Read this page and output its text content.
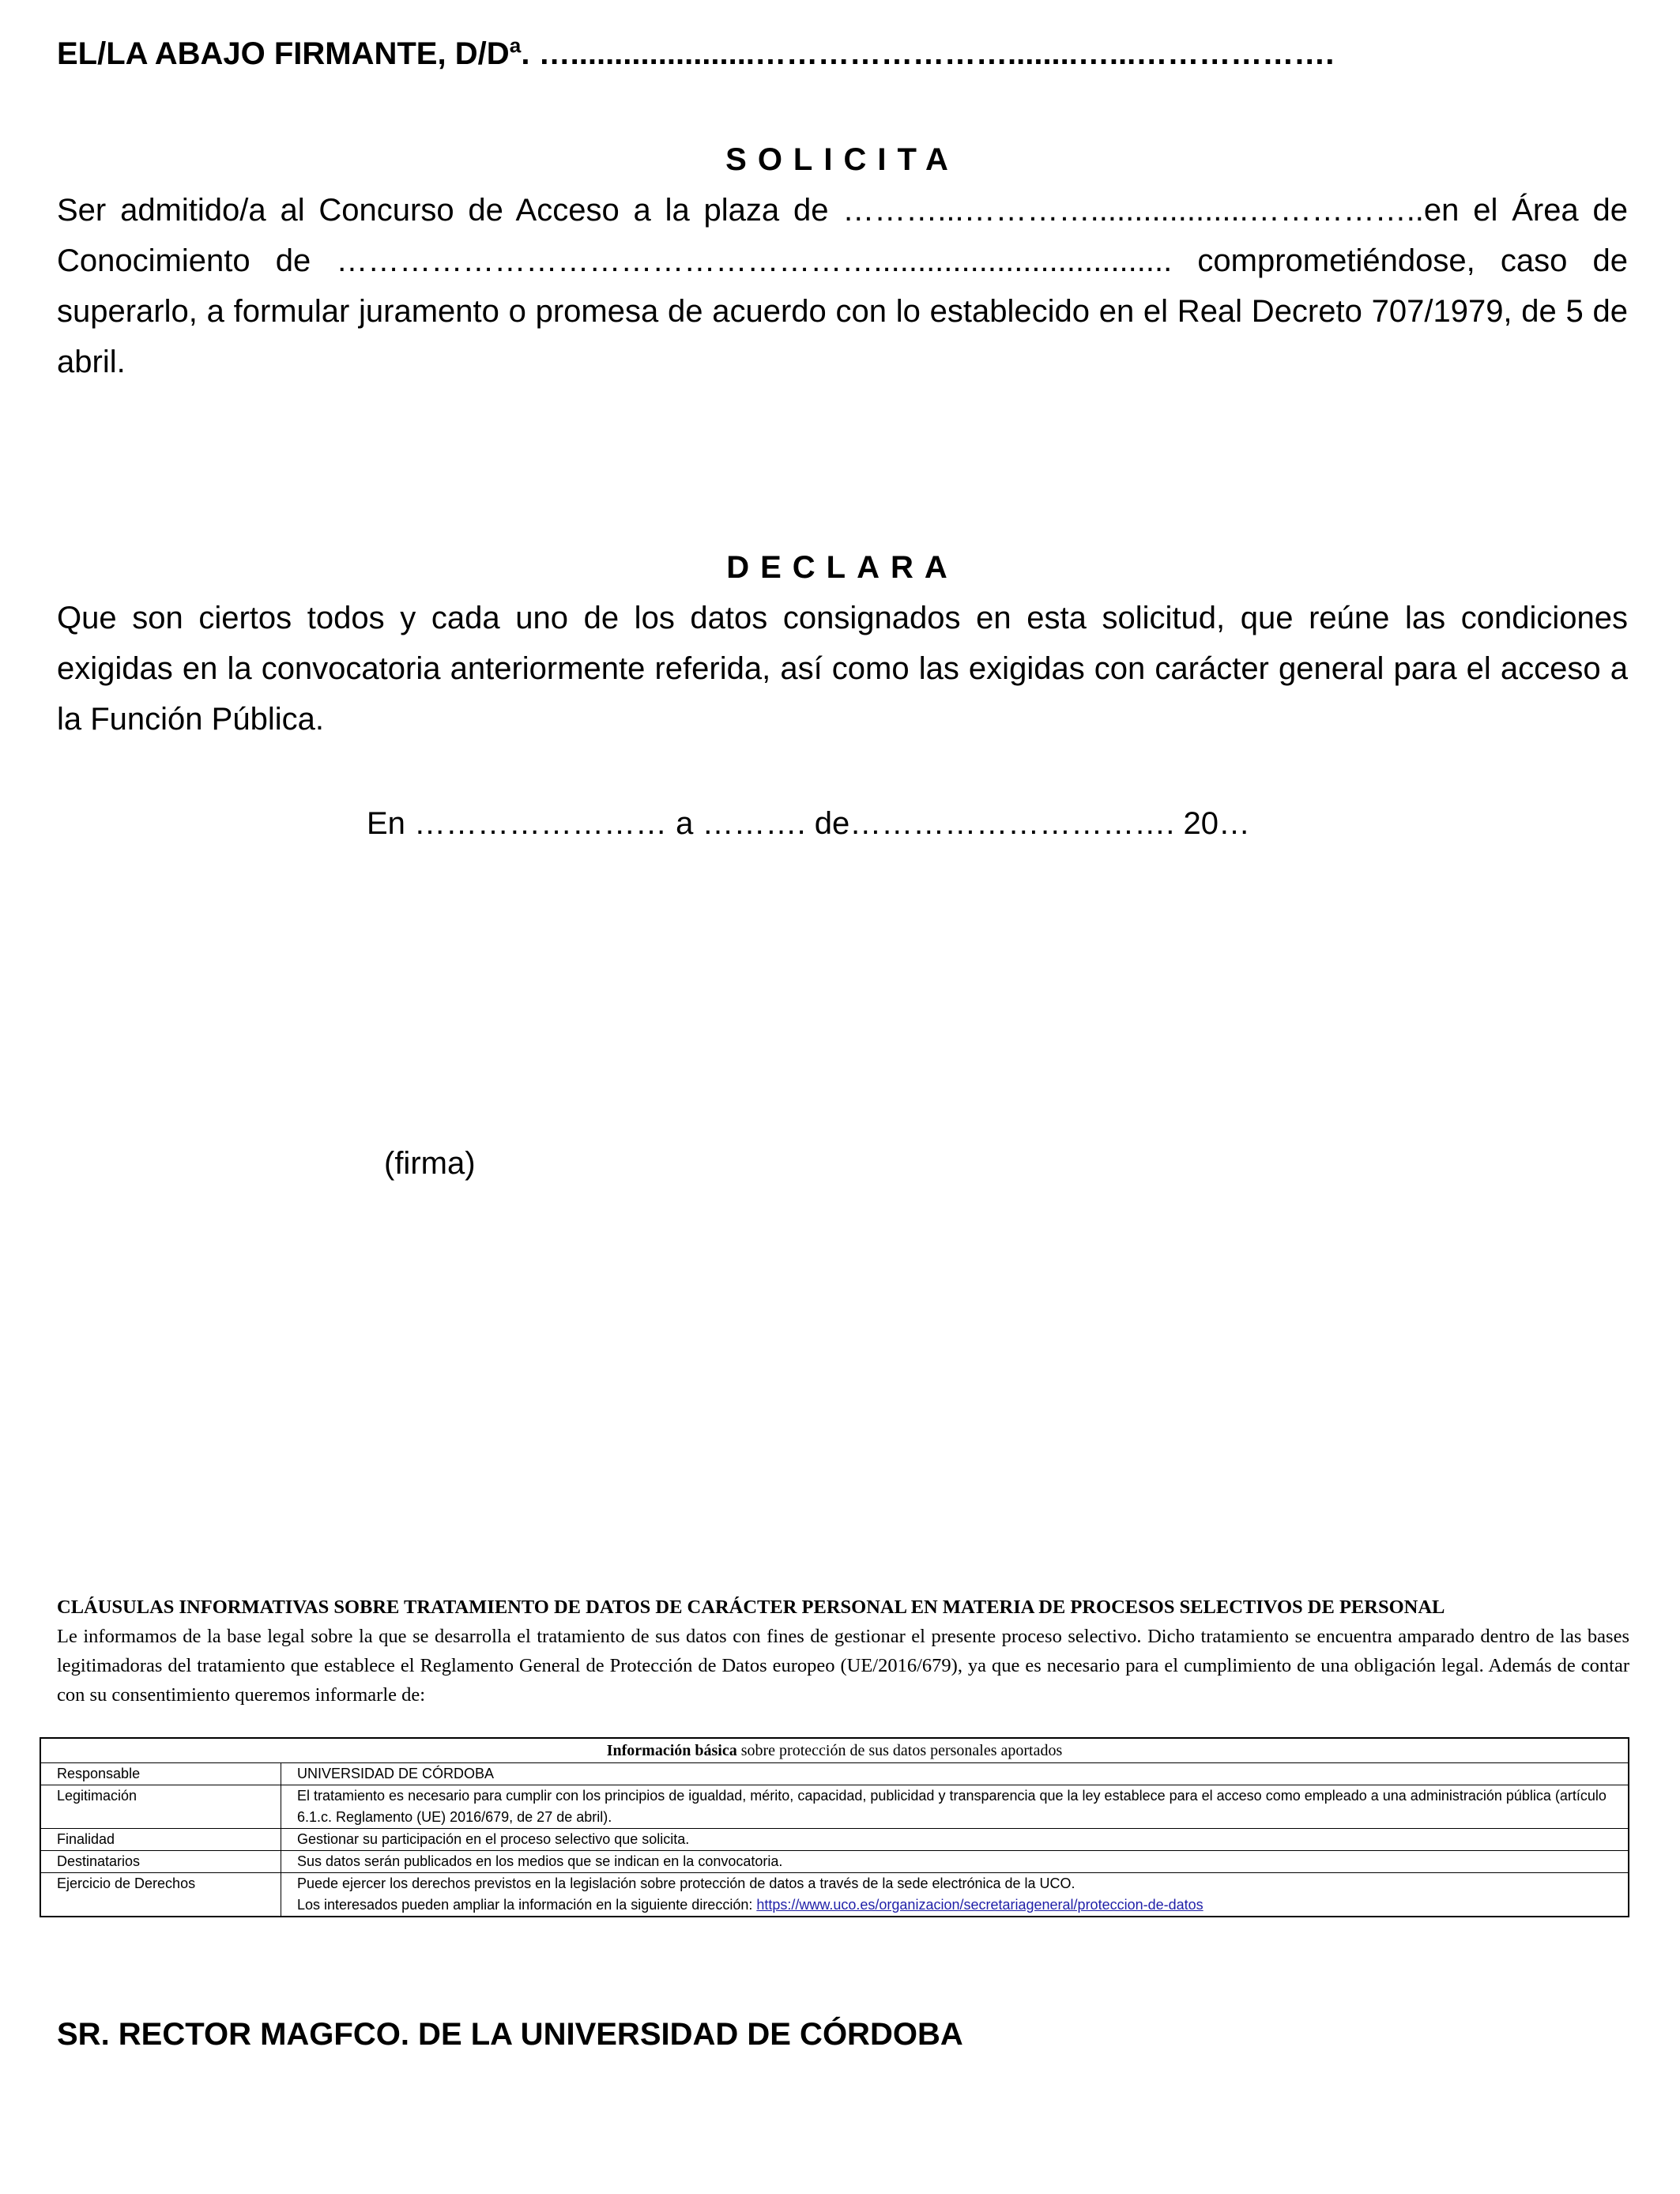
EL/LA ABAJO FIRMANTE, D/Dª. ….....................……………………........…...……………….
SOLICITA
Ser admitido/a al Concurso de Acceso a la plaza de ………...…………..................……………..en el Área de Conocimiento de …………………………………………….................................. comprometiéndose, caso de superarlo, a formular juramento o promesa de acuerdo con lo establecido en el Real Decreto 707/1979, de 5 de abril.
DECLARA
Que son ciertos todos y cada uno de los datos consignados en esta solicitud, que reúne las condiciones exigidas en la convocatoria anteriormente referida, así como las exigidas con carácter general para el acceso a la Función Pública.
En …………………… a ………. de…………………………. 20…
(firma)
CLÁUSULAS INFORMATIVAS SOBRE TRATAMIENTO DE DATOS DE CARÁCTER PERSONAL EN MATERIA DE PROCESOS SELECTIVOS DE PERSONAL
Le informamos de la base legal sobre la que se desarrolla el tratamiento de sus datos con fines de gestionar el presente proceso selectivo. Dicho tratamiento se encuentra amparado dentro de las bases legitimadoras del tratamiento que establece el Reglamento General de Protección de Datos europeo (UE/2016/679), ya que es necesario para el cumplimiento de una obligación legal. Además de contar con su consentimiento queremos informarle de:
Información básica sobre protección de sus datos personales aportados	
Responsable	UNIVERSIDAD DE CÓRDOBA
Legitimación	El tratamiento es necesario para cumplir con los principios de igualdad, mérito, capacidad, publicidad y transparencia que la ley establece para el acceso como empleado a una administración pública (artículo 6.1.c. Reglamento (UE) 2016/679, de 27 de abril).
Finalidad	Gestionar su participación en el proceso selectivo que solicita.
Destinatarios	Sus datos serán publicados en los medios que se indican en la convocatoria.
Ejercicio de Derechos	Puede ejercer los derechos previstos en la legislación sobre protección de datos a través de la sede electrónica de la UCO.
Los interesados pueden ampliar la información en la siguiente dirección: https://www.uco.es/organizacion/secretariageneral/proteccion-de-datos
SR. RECTOR MAGFCO. DE LA UNIVERSIDAD DE CÓRDOBA
